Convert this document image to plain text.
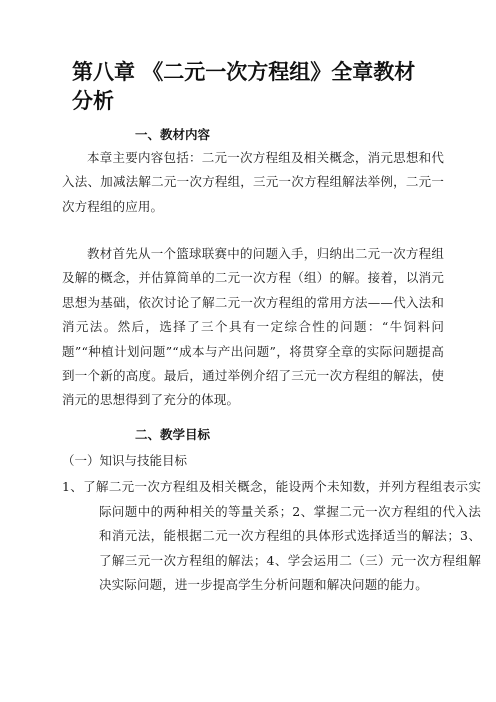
第八章 《二元一次方程组》全章教材分析
一、教材内容

本章主要内容包括：二元一次方程组及相关概念，消元思想和代入法、加减法解二元一次方程组，三元一次方程组解法举例，二元一次方程组的应用。

教材首先从一个篮球联赛中的问题入手，归纳出二元一次方程组及解的概念，并估算简单的二元一次方程（组）的解。接着，以消元思想为基础，依次讨论了解二元一次方程组的常用方法——代入法和消元法。然后，选择了三个具有一定综合性的问题：“牛饲料问题”“种植计划问题”“成本与产出问题”，将贯穿全章的实际问题提高到一个新的高度。最后，通过举例介绍了三元一次方程组的解法，使消元的思想得到了充分的体现。

二、教学目标

（一）知识与技能目标

1、了解二元一次方程组及相关概念，能设两个未知数，并列方程组表示实际问题中的两种相关的等量关系；2、掌握二元一次方程组的代入法和消元法，能根据二元一次方程组的具体形式选择适当的解法；3、了解三元一次方程组的解法；4、学会运用二（三）元一次方程组解决实际问题，进一步提高学生分析问题和解决问题的能力。
